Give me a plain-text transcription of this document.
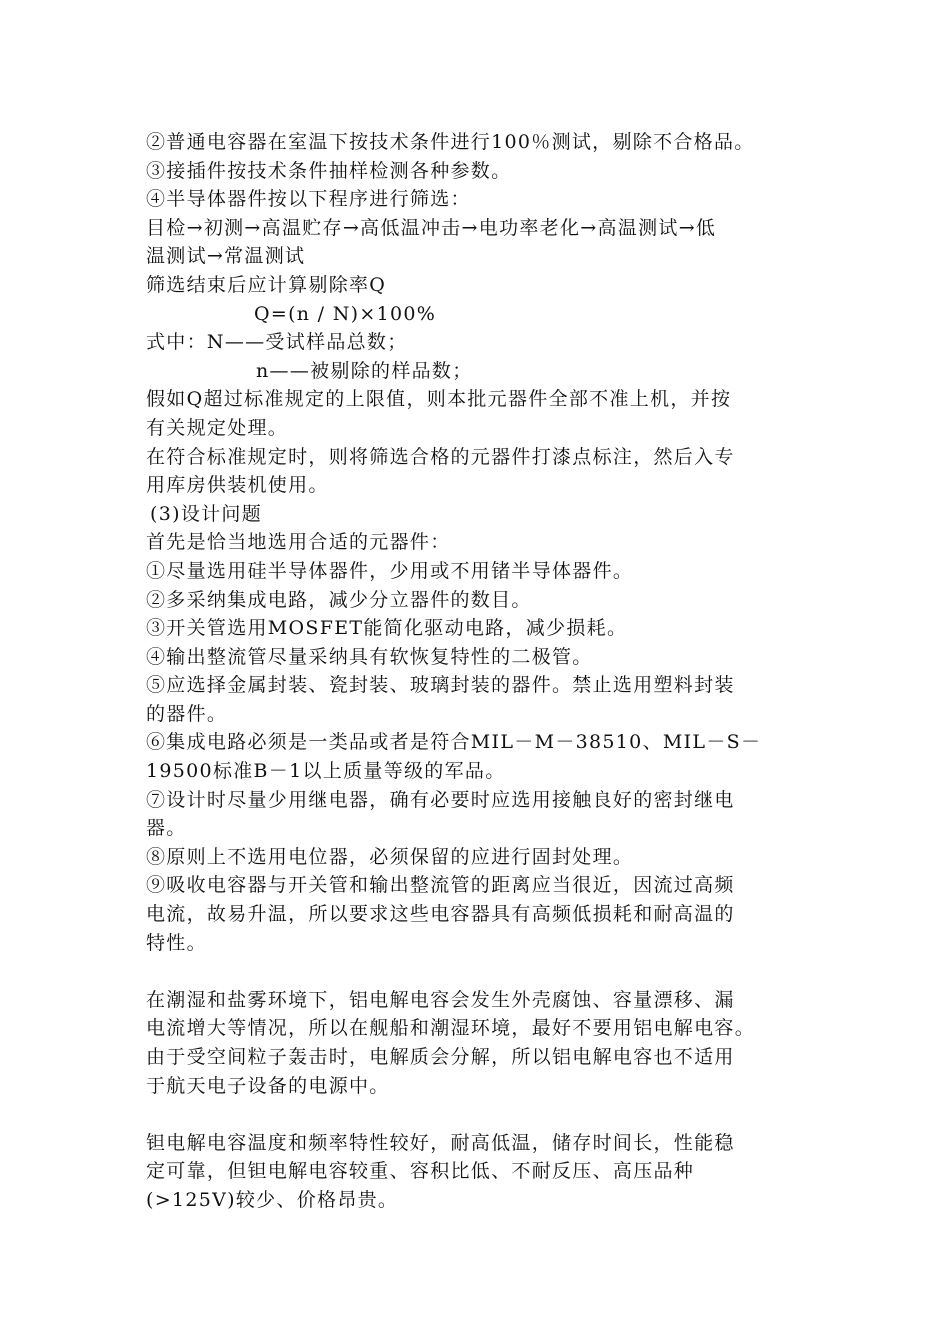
②普通电容器在室温下按技术条件进行100％测试，剔除不合格品。
③接插件按技术条件抽样检测各种参数。
④半导体器件按以下程序进行筛选：
目检→初测→高温贮存→高低温冲击→电功率老化→高温测试→低
温测试→常温测试
筛选结束后应计算剔除率Q
Q=(n / N)×100%
式中：N——受试样品总数；
n——被剔除的样品数；
假如Q超过标准规定的上限值，则本批元器件全部不准上机，并按
有关规定处理。
在符合标准规定时，则将筛选合格的元器件打漆点标注，然后入专
用库房供装机使用。
(3)设计问题
首先是恰当地选用合适的元器件：
①尽量选用硅半导体器件，少用或不用锗半导体器件。
②多采纳集成电路，减少分立器件的数目。
③开关管选用MOSFET能简化驱动电路，减少损耗。
④输出整流管尽量采纳具有软恢复特性的二极管。
⑤应选择金属封装、瓷封装、玻璃封装的器件。禁止选用塑料封装
的器件。
⑥集成电路必须是一类品或者是符合MIL－M－38510、MIL－S－
19500标准B－1以上质量等级的军品。
⑦设计时尽量少用继电器，确有必要时应选用接触良好的密封继电
器。
⑧原则上不选用电位器，必须保留的应进行固封处理。
⑨吸收电容器与开关管和输出整流管的距离应当很近，因流过高频
电流，故易升温，所以要求这些电容器具有高频低损耗和耐高温的
特性。
在潮湿和盐雾环境下，铝电解电容会发生外壳腐蚀、容量漂移、漏
电流增大等情况，所以在舰船和潮湿环境，最好不要用铝电解电容。
由于受空间粒子轰击时，电解质会分解，所以铝电解电容也不适用
于航天电子设备的电源中。
钽电解电容温度和频率特性较好，耐高低温，储存时间长，性能稳
定可靠，但钽电解电容较重、容积比低、不耐反压、高压品种
(>125V)较少、价格昂贵。
